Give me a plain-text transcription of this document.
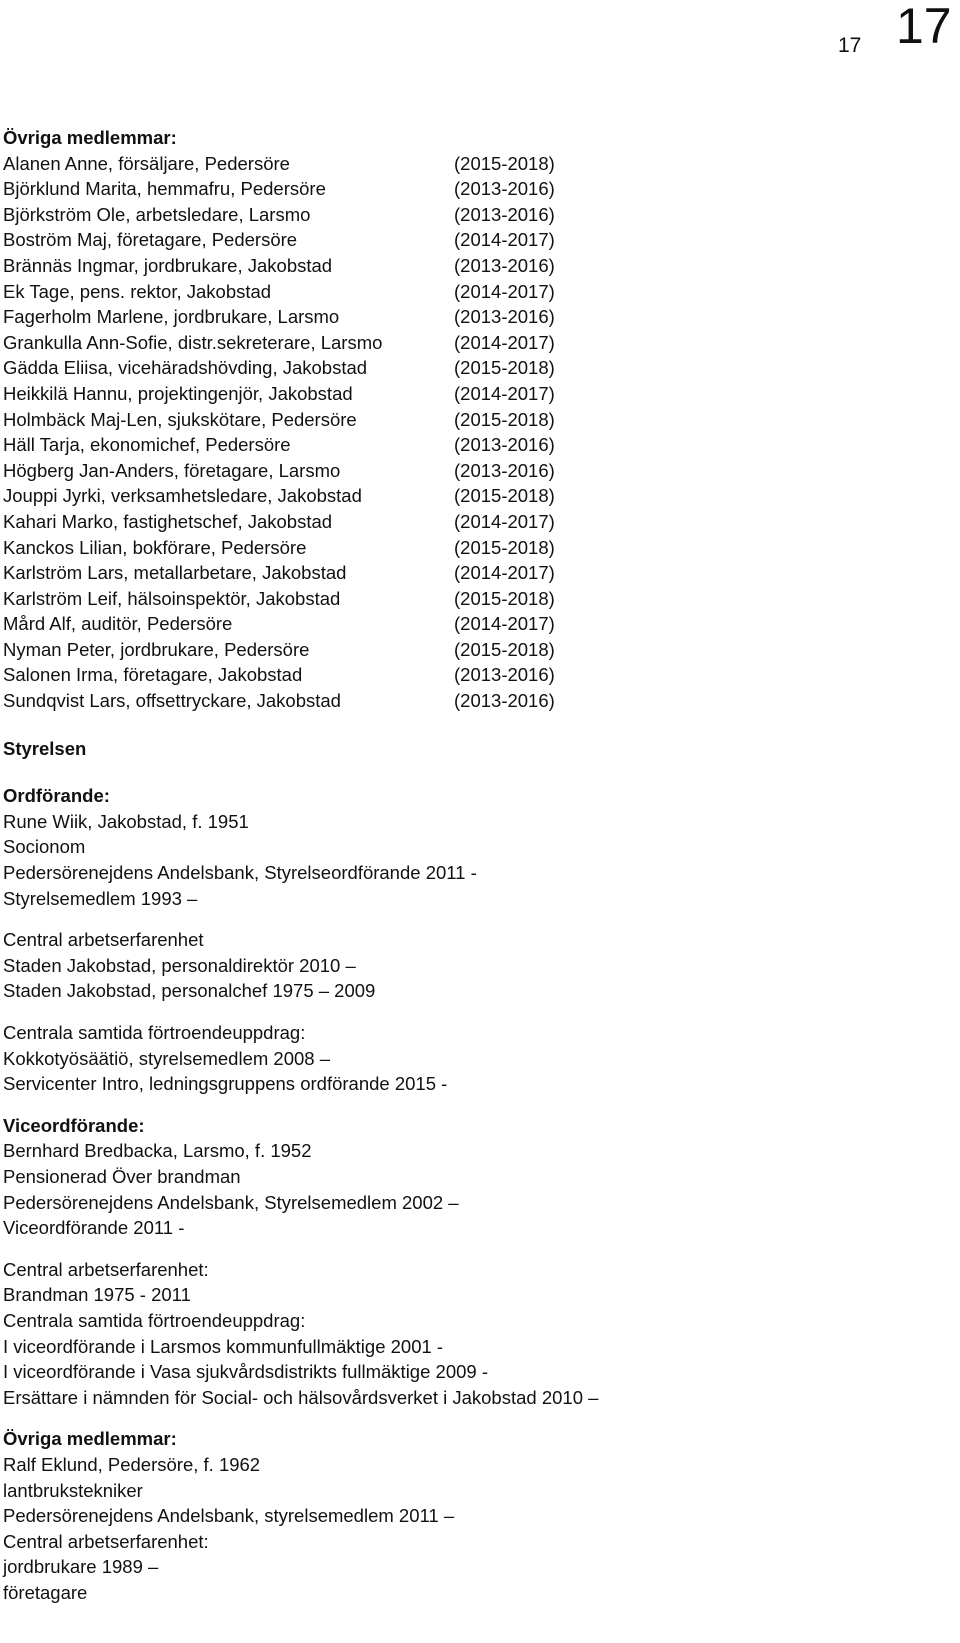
17 17
Övriga medlemmar:
Alanen Anne, försäljare, Pedersöre	(2015-2018)
Björklund Marita, hemmafru, Pedersöre	(2013-2016)
Björkström Ole, arbetsledare, Larsmo	(2013-2016)
Boström Maj, företagare, Pedersöre	(2014-2017)
Brännäs Ingmar, jordbrukare, Jakobstad	(2013-2016)
Ek Tage, pens. rektor, Jakobstad	(2014-2017)
Fagerholm Marlene, jordbrukare, Larsmo	(2013-2016)
Grankulla Ann-Sofie, distr.sekreterare, Larsmo	(2014-2017)
Gädda Eliisa, vicehäradshövding, Jakobstad	(2015-2018)
Heikkilä Hannu, projektingenjör, Jakobstad	(2014-2017)
Holmbäck Maj-Len, sjukskötare, Pedersöre	(2015-2018)
Häll Tarja, ekonomichef, Pedersöre	(2013-2016)
Högberg Jan-Anders, företagare, Larsmo	(2013-2016)
Jouppi Jyrki, verksamhetsledare, Jakobstad	(2015-2018)
Kahari Marko, fastighetschef, Jakobstad	(2014-2017)
Kanckos Lilian, bokförare, Pedersöre	(2015-2018)
Karlström Lars, metallarbetare, Jakobstad	(2014-2017)
Karlström Leif, hälsoinspektör, Jakobstad	(2015-2018)
Mård Alf, auditör, Pedersöre	(2014-2017)
Nyman Peter, jordbrukare, Pedersöre	(2015-2018)
Salonen Irma, företagare, Jakobstad	(2013-2016)
Sundqvist Lars, offsettryckare, Jakobstad	(2013-2016)
Styrelsen
Ordförande:
Rune Wiik, Jakobstad, f. 1951
Socionom
Pedersörenejdens Andelsbank, Styrelseordförande 2011 -
Styrelsemedlem 1993 –
Central arbetserfarenhet
Staden Jakobstad, personaldirektör 2010 –
Staden Jakobstad, personalchef 1975 – 2009
Centrala samtida förtroendeuppdrag:
Kokkotyösäätiö, styrelsemedlem 2008 –
Servicenter Intro, ledningsgruppens ordförande 2015 -
Viceordförande:
Bernhard Bredbacka, Larsmo, f. 1952
Pensionerad Över brandman
Pedersörenejdens Andelsbank, Styrelsemedlem 2002 –
Viceordförande 2011 -
Central arbetserfarenhet:
Brandman 1975 - 2011
Centrala samtida förtroendeuppdrag:
I viceordförande i Larsmos kommunfullmäktige 2001 -
I viceordförande i Vasa sjukvårdsdistrikts fullmäktige 2009 -
Ersättare i nämnden för Social- och hälsovårdsverket i Jakobstad 2010 –
Övriga medlemmar:
Ralf Eklund, Pedersöre, f. 1962
lantbrukstekniker
Pedersörenejdens Andelsbank, styrelsemedlem 2011 –
Central arbetserfarenhet:
jordbrukare 1989 –
företagare
